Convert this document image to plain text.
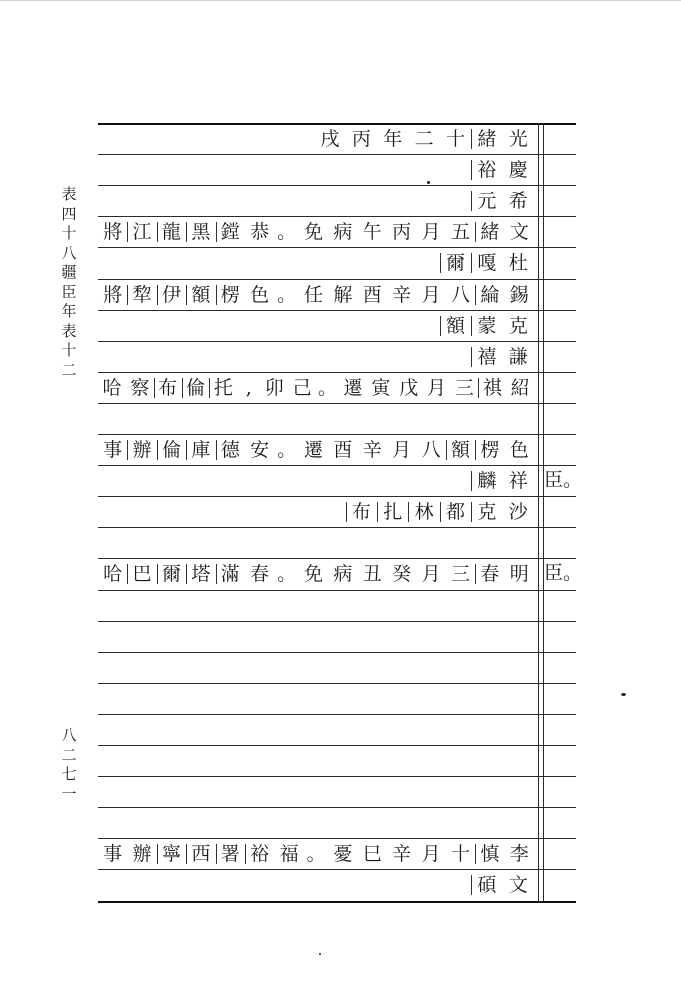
表四十八　疆臣年表十二
八二七一
光
緒
十
二
年
丙
戌
慶
裕
希
元
文
緒
五
月
丙
午
病
免
。
恭
鏜
黑
龍
江
將
杜
嘎
爾
錫
綸
八
月
辛
酉
解
任
。
色
楞
額
伊
犂
將
克
蒙
額
謙
禧
紹
祺
三
月
戊
寅
遷
。
己
卯
,
托
倫
布
察
哈
色
楞
額
八
月
辛
酉
遷
。
安
德
庫
倫
辦
事
祥
麟	臣。
沙
克
都
林
扎
布
明
春
三
月
癸
丑
病
免
。
春
滿
塔
爾
巴
哈	臣。
李
慎
十
月
辛
巳
憂
。
福
裕
署
西
寧
辦
事
文
碩
